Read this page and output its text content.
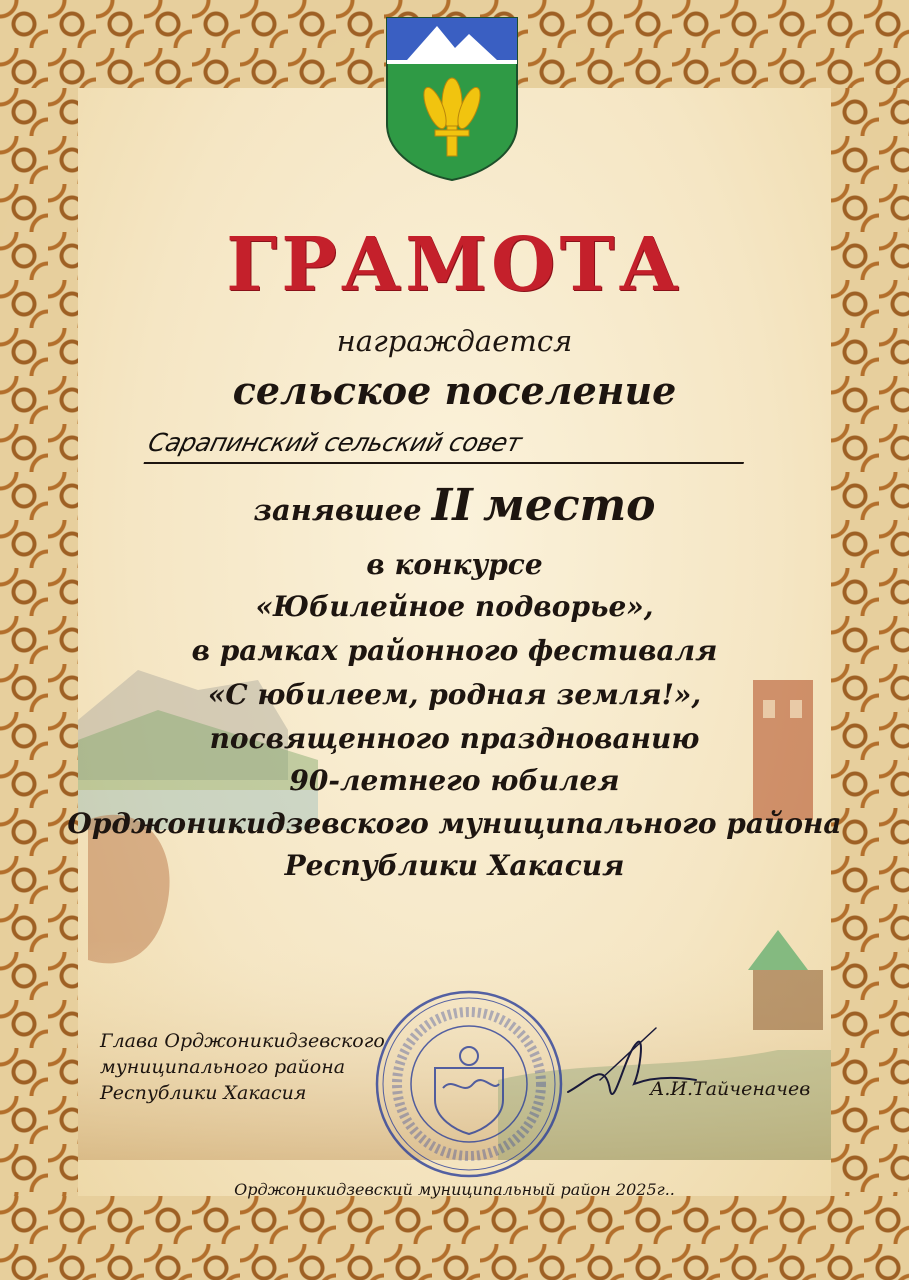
ГРАМОТА
награждается
сельское поселение
Сарапинский сельский совет
занявшее II место
в конкурсе
«Юбилейное подворье»,
в рамках районного фестиваля
«С юбилеем, родная земля!»,
посвященного празднованию
90-летнего юбилея
Орджоникидзевского муниципального района
Республики Хакасия
Глава Орджоникидзевского
муниципального района
Республики Хакасия	А.И.Тайченачев
Орджоникидзевский муниципальный район 2025г..
